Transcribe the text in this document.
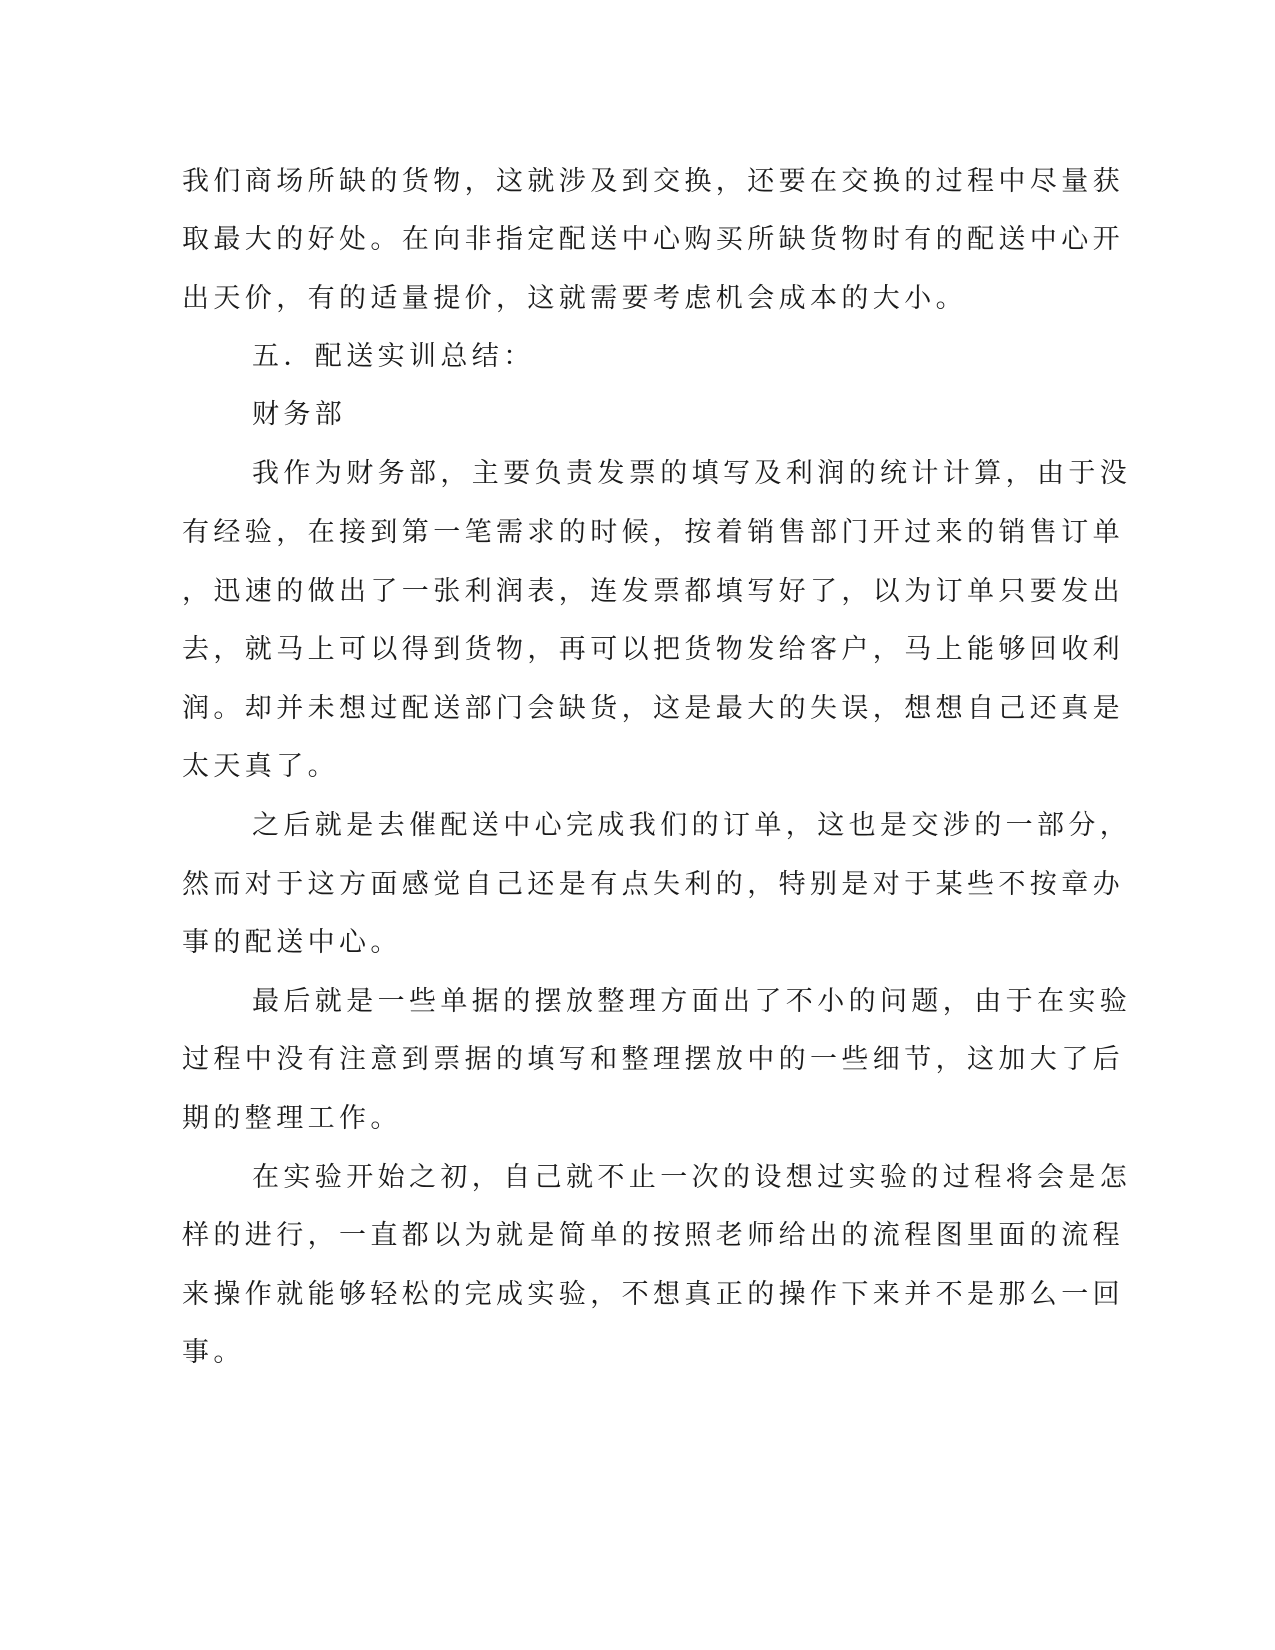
我们商场所缺的货物，这就涉及到交换，还要在交换的过程中尽量获

取最大的好处。在向非指定配送中心购买所缺货物时有的配送中心开

出天价，有的适量提价，这就需要考虑机会成本的大小。

五．配送实训总结：

财务部

我作为财务部，主要负责发票的填写及利润的统计计算，由于没

有经验，在接到第一笔需求的时候，按着销售部门开过来的销售订单

，迅速的做出了一张利润表，连发票都填写好了，以为订单只要发出

去，就马上可以得到货物，再可以把货物发给客户，马上能够回收利

润。却并未想过配送部门会缺货，这是最大的失误，想想自己还真是

太天真了。

之后就是去催配送中心完成我们的订单，这也是交涉的一部分，

然而对于这方面感觉自己还是有点失利的，特别是对于某些不按章办

事的配送中心。

最后就是一些单据的摆放整理方面出了不小的问题，由于在实验

过程中没有注意到票据的填写和整理摆放中的一些细节，这加大了后

期的整理工作。

在实验开始之初，自己就不止一次的设想过实验的过程将会是怎

样的进行，一直都以为就是简单的按照老师给出的流程图里面的流程

来操作就能够轻松的完成实验，不想真正的操作下来并不是那么一回

事。
